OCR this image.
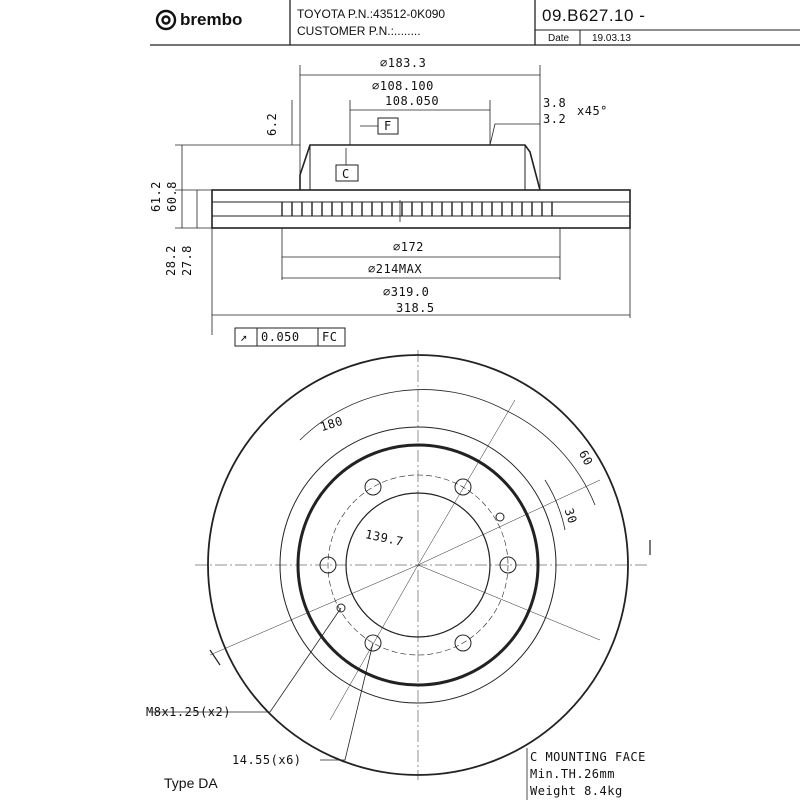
brembo	TOYOTA P.N.:43512-0K090
CUSTOMER P.N.:........
09.B627.10 -
Date 19.03.13
⌀183.3
⌀108.100
108.050
6.2
3.8
3.2
x45°
F
C
61.2 60.8
28.2 27.8	⌀172
⌀214MAX
⌀319.0
318.5
↗ 0.050 FC
180
60
30
139.7
M8x1.25(x2)
14.55(x6)	C MOUNTING FACE
Min.TH.26mm
Weight 8.4kg
Type DA
